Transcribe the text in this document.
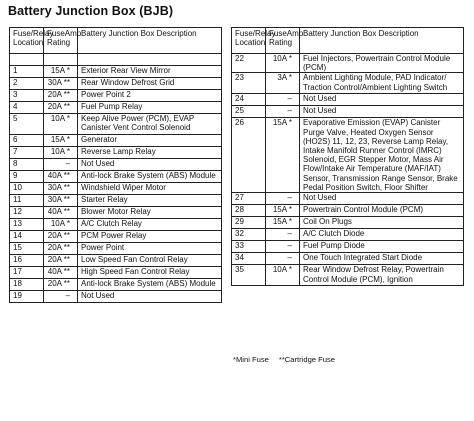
Battery Junction Box (BJB)
Fuse/Relay Location	FuseAmp Rating	Battery Junction Box Description

1	15A *	Exterior Rear View Mirror
2	30A **	Rear Window Defrost Grid
3	20A **	Power Point 2
4	20A **	Fuel Pump Relay
5	10A *	Keep Alive Power (PCM), EVAP Canister Vent Control Solenoid
6	15A *	Generator
7	10A *	Reverse Lamp Relay
8	–	Not Used
9	40A **	Anti-lock Brake System (ABS) Module
10	30A **	Windshield Wiper Motor
11	30A **	Starter Relay
12	40A **	Blower Motor Relay
13	10A *	A/C Clutch Relay
14	20A **	PCM Power Relay
15	20A **	Power Point
16	20A **	Low Speed Fan Control Relay
17	40A **	High Speed Fan Control Relay
18	20A **	Anti-lock Brake System (ABS) Module
19	–	Not Used
Fuse/Relay Location	FuseAmp Rating	Battery Junction Box Description
22	10A *	Fuel Injectors, Powertrain Control Module (PCM)
23	3A *	Ambient Lighting Module, PAD Indicator/ Traction Control/Ambient Lighting Switch
24	–	Not Used
25	–	Not Used
26	15A *	Evaporative Emission (EVAP) Canister Purge Valve, Heated Oxygen Sensor (HO2S) 11, 12, 23, Reverse Lamp Relay, Intake Manifold Runner Control (IMRC) Solenoid, EGR Stepper Motor, Mass Air Flow/Intake Air Temperature (MAF/IAT) Sensor, Transmission Range Sensor, Brake Pedal Position Switch, Floor Shifter
27	–	Not Used
28	15A *	Powertrain Control Module (PCM)
29	15A *	Coil On Plugs
32	–	A/C Clutch Diode
33	–	Fuel Pump Diode
34	–	One Touch Integrated Start Diode
35	10A *	Rear Window Defrost Relay, Powertrain Control Module (PCM), Ignition
*Mini Fuse **Cartridge Fuse
